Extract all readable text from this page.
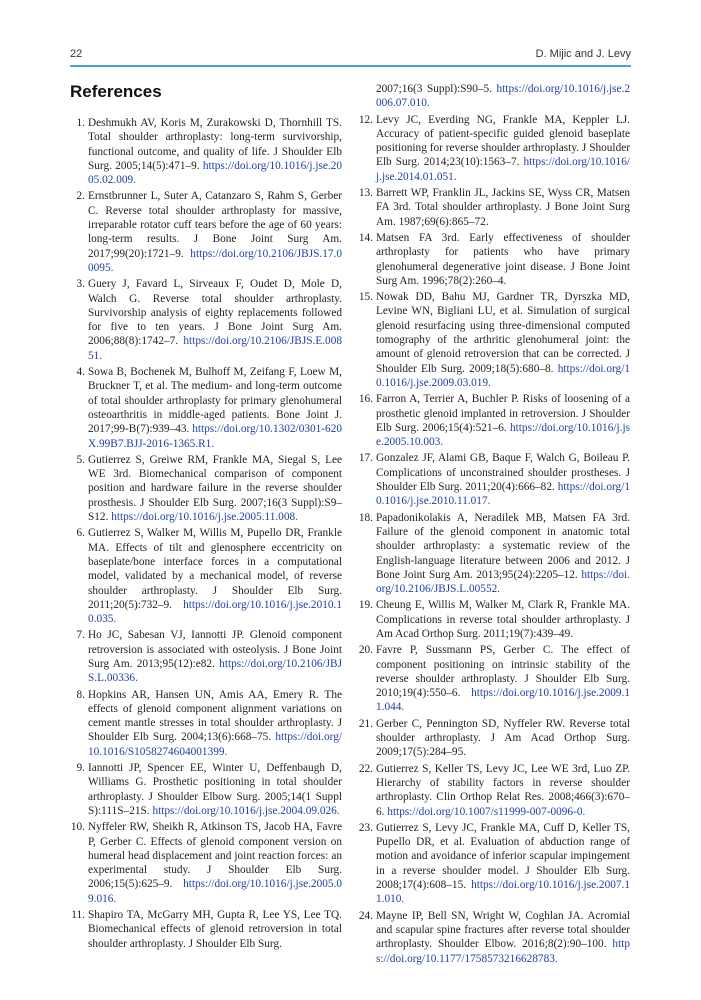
22	D. Mijic and J. Levy
References
1. Deshmukh AV, Koris M, Zurakowski D, Thornhill TS. Total shoulder arthroplasty: long-term survivorship, functional outcome, and quality of life. J Shoulder Elb Surg. 2005;14(5):471–9. https://doi.org/10.1016/j.jse.2005.02.009.
2. Ernstbrunner L, Suter A, Catanzaro S, Rahm S, Gerber C. Reverse total shoulder arthroplasty for massive, irreparable rotator cuff tears before the age of 60 years: long-term results. J Bone Joint Surg Am. 2017;99(20):1721–9. https://doi.org/10.2106/JBJS.17.00095.
3. Guery J, Favard L, Sirveaux F, Oudet D, Mole D, Walch G. Reverse total shoulder arthroplasty. Survivorship analysis of eighty replacements followed for five to ten years. J Bone Joint Surg Am. 2006;88(8):1742–7. https://doi.org/10.2106/JBJS.E.00851.
4. Sowa B, Bochenek M, Bulhoff M, Zeifang F, Loew M, Bruckner T, et al. The medium- and long-term outcome of total shoulder arthroplasty for primary glenohumeral osteoarthritis in middle-aged patients. Bone Joint J. 2017;99-B(7):939–43. https://doi.org/10.1302/0301-620X.99B7.BJJ-2016-1365.R1.
5. Gutierrez S, Greiwe RM, Frankle MA, Siegal S, Lee WE 3rd. Biomechanical comparison of component position and hardware failure in the reverse shoulder prosthesis. J Shoulder Elb Surg. 2007;16(3 Suppl):S9–S12. https://doi.org/10.1016/j.jse.2005.11.008.
6. Gutierrez S, Walker M, Willis M, Pupello DR, Frankle MA. Effects of tilt and glenosphere eccentricity on baseplate/bone interface forces in a computational model, validated by a mechanical model, of reverse shoulder arthroplasty. J Shoulder Elb Surg. 2011;20(5):732–9. https://doi.org/10.1016/j.jse.2010.10.035.
7. Ho JC, Sabesan VJ, Iannotti JP. Glenoid component retroversion is associated with osteolysis. J Bone Joint Surg Am. 2013;95(12):e82. https://doi.org/10.2106/JBJS.L.00336.
8. Hopkins AR, Hansen UN, Amis AA, Emery R. The effects of glenoid component alignment variations on cement mantle stresses in total shoulder arthroplasty. J Shoulder Elb Surg. 2004;13(6):668–75. https://doi.org/10.1016/S1058274604001399.
9. Iannotti JP, Spencer EE, Winter U, Deffenbaugh D, Williams G. Prosthetic positioning in total shoulder arthroplasty. J Shoulder Elbow Surg. 2005;14(1 Suppl S):111S–21S. https://doi.org/10.1016/j.jse.2004.09.026.
10. Nyffeler RW, Sheikh R, Atkinson TS, Jacob HA, Favre P, Gerber C. Effects of glenoid component version on humeral head displacement and joint reaction forces: an experimental study. J Shoulder Elb Surg. 2006;15(5):625–9. https://doi.org/10.1016/j.jse.2005.09.016.
11. Shapiro TA, McGarry MH, Gupta R, Lee YS, Lee TQ. Biomechanical effects of glenoid retroversion in total shoulder arthroplasty. J Shoulder Elb Surg.
2007;16(3 Suppl):S90–5. https://doi.org/10.1016/j.jse.2006.07.010.
12. Levy JC, Everding NG, Frankle MA, Keppler LJ. Accuracy of patient-specific guided glenoid baseplate positioning for reverse shoulder arthroplasty. J Shoulder Elb Surg. 2014;23(10):1563–7. https://doi.org/10.1016/j.jse.2014.01.051.
13. Barrett WP, Franklin JL, Jackins SE, Wyss CR, Matsen FA 3rd. Total shoulder arthroplasty. J Bone Joint Surg Am. 1987;69(6):865–72.
14. Matsen FA 3rd. Early effectiveness of shoulder arthroplasty for patients who have primary glenohumeral degenerative joint disease. J Bone Joint Surg Am. 1996;78(2):260–4.
15. Nowak DD, Bahu MJ, Gardner TR, Dyrszka MD, Levine WN, Bigliani LU, et al. Simulation of surgical glenoid resurfacing using three-dimensional computed tomography of the arthritic glenohumeral joint: the amount of glenoid retroversion that can be corrected. J Shoulder Elb Surg. 2009;18(5):680–8. https://doi.org/10.1016/j.jse.2009.03.019.
16. Farron A, Terrier A, Buchler P. Risks of loosening of a prosthetic glenoid implanted in retroversion. J Shoulder Elb Surg. 2006;15(4):521–6. https://doi.org/10.1016/j.jse.2005.10.003.
17. Gonzalez JF, Alami GB, Baque F, Walch G, Boileau P. Complications of unconstrained shoulder prostheses. J Shoulder Elb Surg. 2011;20(4):666–82. https://doi.org/10.1016/j.jse.2010.11.017.
18. Papadonikolakis A, Neradilek MB, Matsen FA 3rd. Failure of the glenoid component in anatomic total shoulder arthroplasty: a systematic review of the English-language literature between 2006 and 2012. J Bone Joint Surg Am. 2013;95(24):2205–12. https://doi.org/10.2106/JBJS.L.00552.
19. Cheung E, Willis M, Walker M, Clark R, Frankle MA. Complications in reverse total shoulder arthroplasty. J Am Acad Orthop Surg. 2011;19(7):439–49.
20. Favre P, Sussmann PS, Gerber C. The effect of component positioning on intrinsic stability of the reverse shoulder arthroplasty. J Shoulder Elb Surg. 2010;19(4):550–6. https://doi.org/10.1016/j.jse.2009.11.044.
21. Gerber C, Pennington SD, Nyffeler RW. Reverse total shoulder arthroplasty. J Am Acad Orthop Surg. 2009;17(5):284–95.
22. Gutierrez S, Keller TS, Levy JC, Lee WE 3rd, Luo ZP. Hierarchy of stability factors in reverse shoulder arthroplasty. Clin Orthop Relat Res. 2008;466(3):670–6. https://doi.org/10.1007/s11999-007-0096-0.
23. Gutierrez S, Levy JC, Frankle MA, Cuff D, Keller TS, Pupello DR, et al. Evaluation of abduction range of motion and avoidance of inferior scapular impingement in a reverse shoulder model. J Shoulder Elb Surg. 2008;17(4):608–15. https://doi.org/10.1016/j.jse.2007.11.010.
24. Mayne IP, Bell SN, Wright W, Coghlan JA. Acromial and scapular spine fractures after reverse total shoulder arthroplasty. Shoulder Elbow. 2016;8(2):90–100. https://doi.org/10.1177/1758573216628783.
